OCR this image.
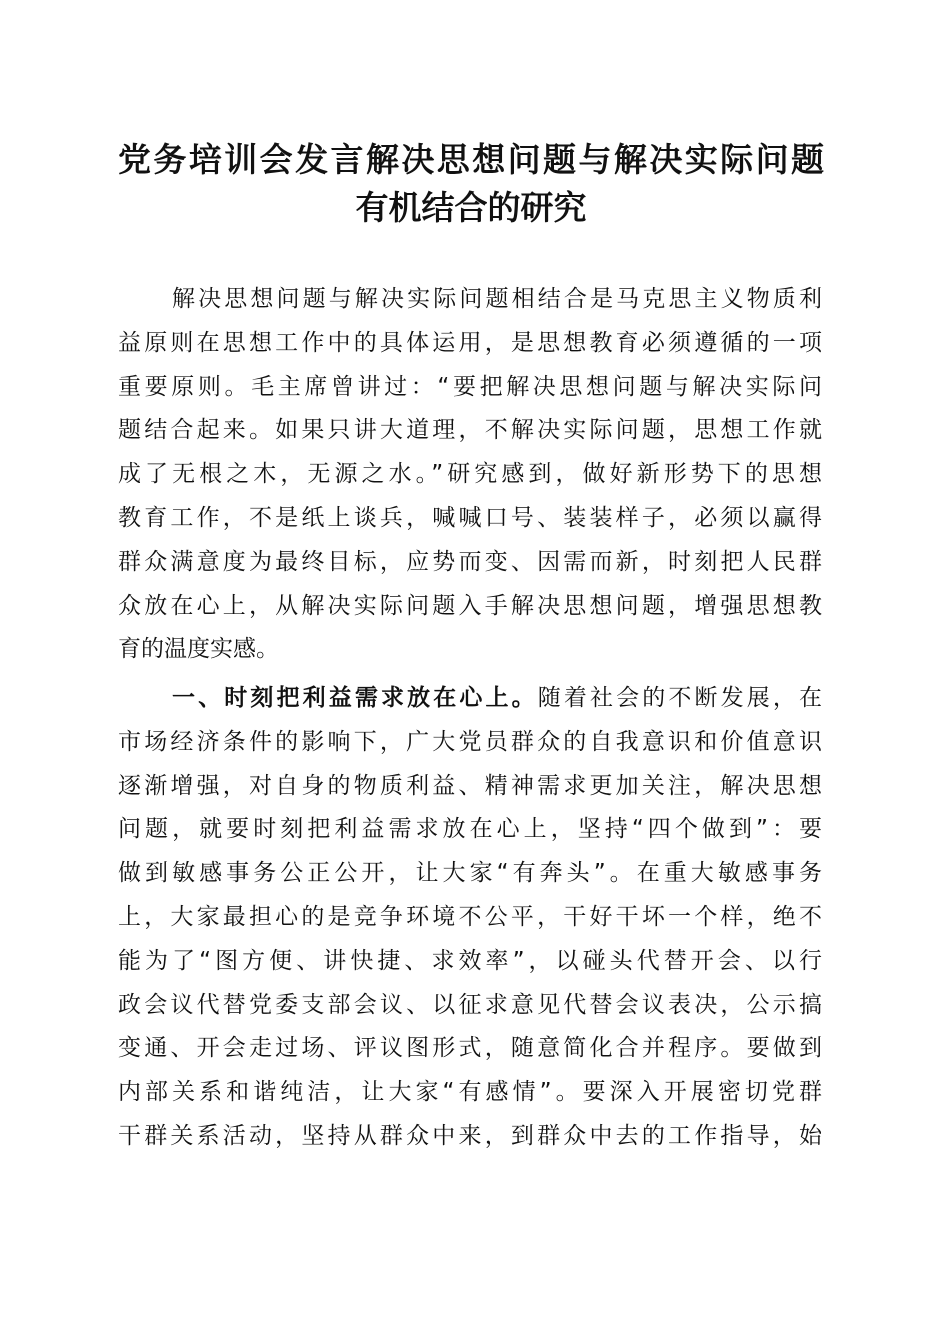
党务培训会发言解决思想问题与解决实际问题
有机结合的研究
解决思想问题与解决实际问题相结合是马克思主义物质利
益原则在思想工作中的具体运用，是思想教育必须遵循的一项
重要原则。毛主席曾讲过：“要把解决思想问题与解决实际问
题结合起来。如果只讲大道理，不解决实际问题，思想工作就
成了无根之木，无源之水。”研究感到，做好新形势下的思想
教育工作，不是纸上谈兵，喊喊口号、装装样子，必须以赢得
群众满意度为最终目标，应势而变、因需而新，时刻把人民群
众放在心上，从解决实际问题入手解决思想问题，增强思想教
育的温度实感。
一、时刻把利益需求放在心上。随着社会的不断发展，在
市场经济条件的影响下，广大党员群众的自我意识和价值意识
逐渐增强，对自身的物质利益、精神需求更加关注，解决思想
问题，就要时刻把利益需求放在心上，坚持“四个做到”：要
做到敏感事务公正公开，让大家“有奔头”。在重大敏感事务
上，大家最担心的是竞争环境不公平，干好干坏一个样，绝不
能为了“图方便、讲快捷、求效率”，以碰头代替开会、以行
政会议代替党委支部会议、以征求意见代替会议表决，公示搞
变通、开会走过场、评议图形式，随意简化合并程序。要做到
内部关系和谐纯洁，让大家“有感情”。要深入开展密切党群
干群关系活动，坚持从群众中来，到群众中去的工作指导，始
